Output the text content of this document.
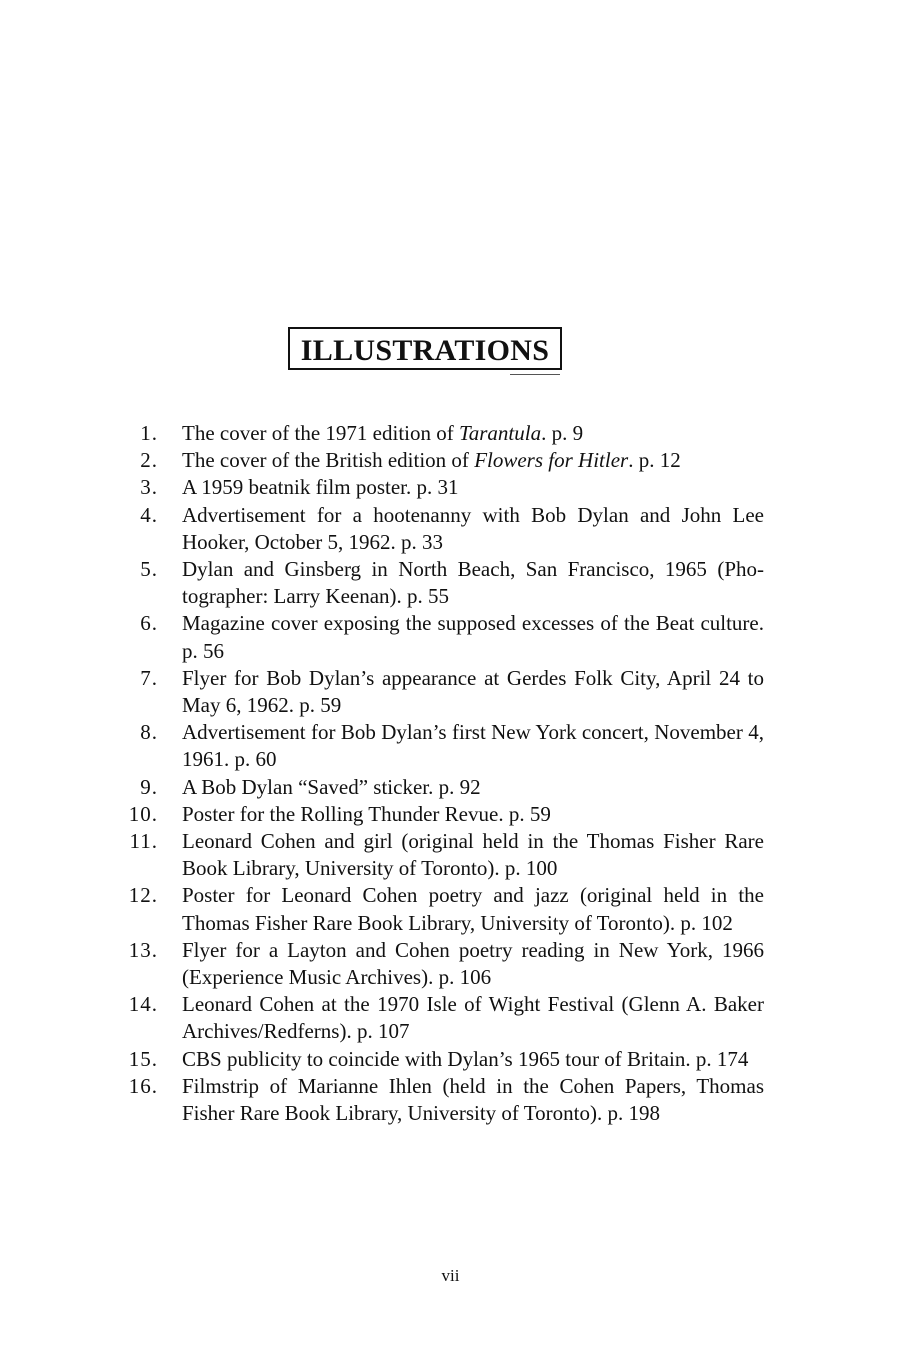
ILLUSTRATIONS
1. The cover of the 1971 edition of Tarantula. p. 9
2. The cover of the British edition of Flowers for Hitler. p. 12
3. A 1959 beatnik film poster. p. 31
4. Advertisement for a hootenanny with Bob Dylan and John Lee Hooker, October 5, 1962. p. 33
5. Dylan and Ginsberg in North Beach, San Francisco, 1965 (Photographer: Larry Keenan). p. 55
6. Magazine cover exposing the supposed excesses of the Beat culture. p. 56
7. Flyer for Bob Dylan’s appearance at Gerdes Folk City, April 24 to May 6, 1962. p. 59
8. Advertisement for Bob Dylan’s first New York concert, November 4, 1961. p. 60
9. A Bob Dylan “Saved” sticker. p. 92
10. Poster for the Rolling Thunder Revue. p. 59
11. Leonard Cohen and girl (original held in the Thomas Fisher Rare Book Library, University of Toronto). p. 100
12. Poster for Leonard Cohen poetry and jazz (original held in the Thomas Fisher Rare Book Library, University of Toronto). p. 102
13. Flyer for a Layton and Cohen poetry reading in New York, 1966 (Experience Music Archives). p. 106
14. Leonard Cohen at the 1970 Isle of Wight Festival (Glenn A. Baker Archives/Redferns). p. 107
15. CBS publicity to coincide with Dylan’s 1965 tour of Britain. p. 174
16. Filmstrip of Marianne Ihlen (held in the Cohen Papers, Thomas Fisher Rare Book Library, University of Toronto). p. 198
vii
